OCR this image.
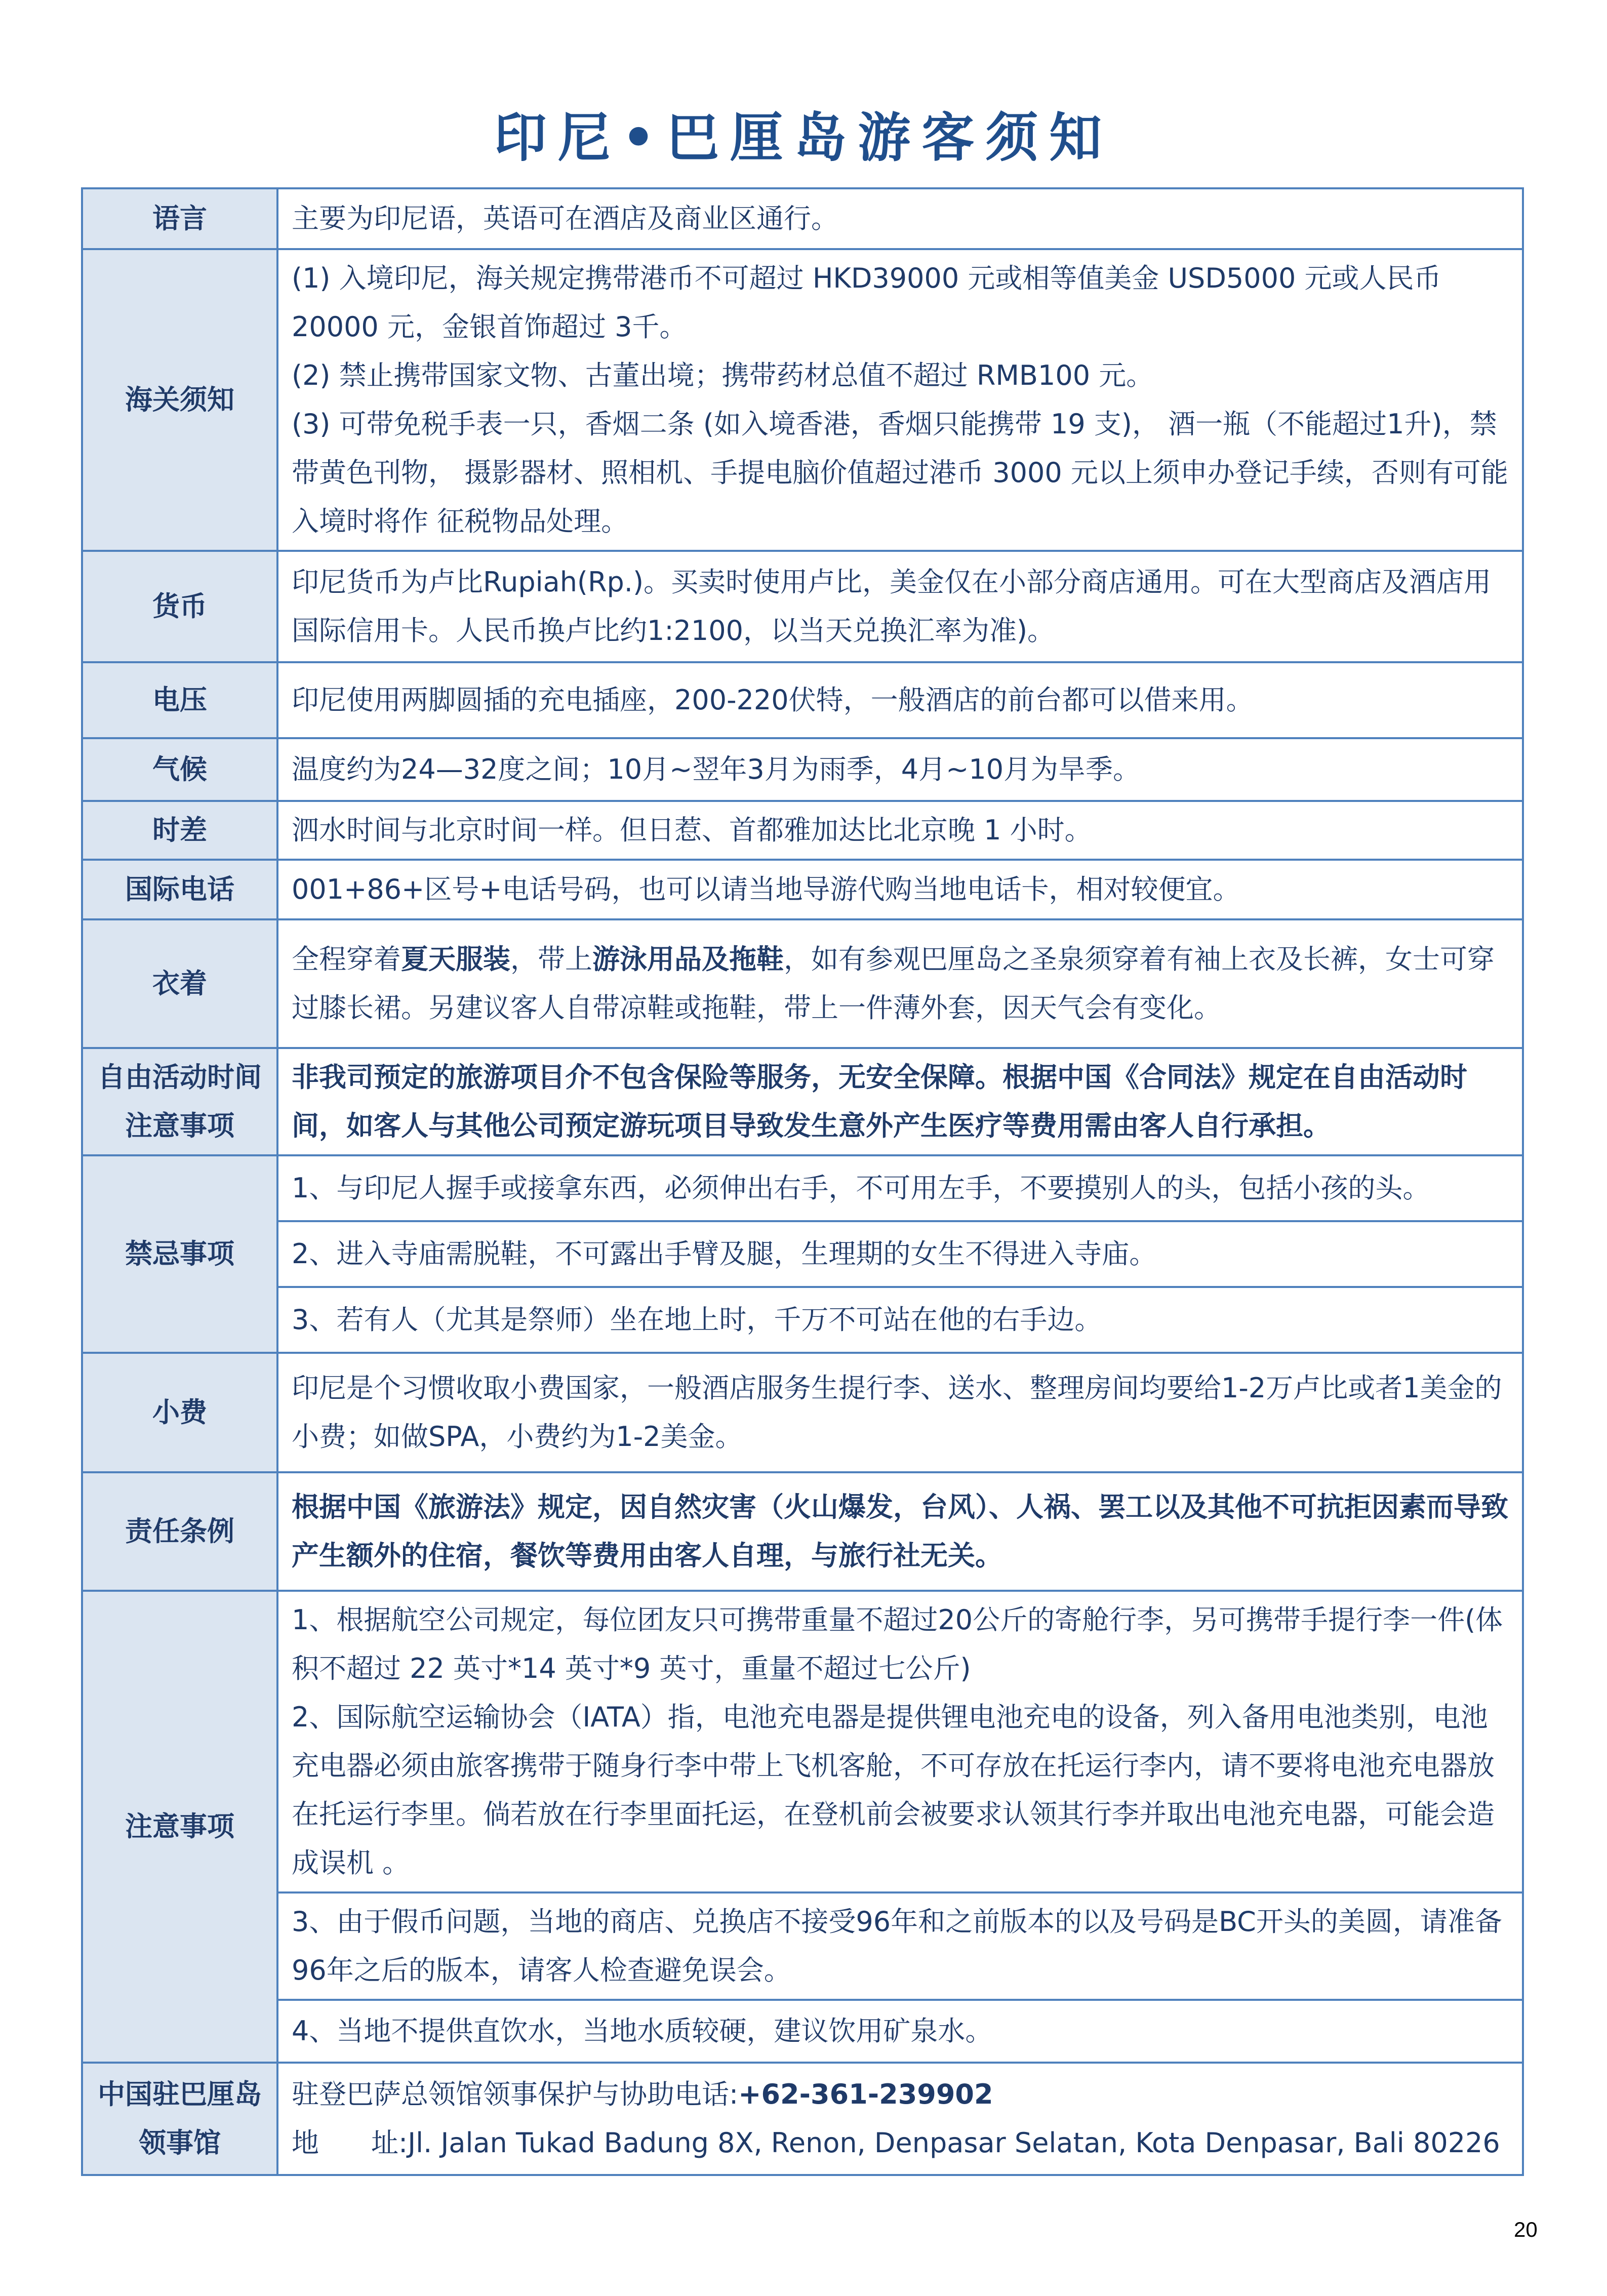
印尼•巴厘岛游客须知
语言	主要为印尼语，英语可在酒店及商业区通行。
海关须知	(1) 入境印尼，海关规定携带港币不可超过 HKD39000 元或相等值美金 USD5000 元或人民币 20000 元，金银首饰超过 3千。
(2) 禁止携带国家文物、古董出境；携带药材总值不超过 RMB100 元。
(3) 可带免税手表一只，香烟二条 (如入境香港，香烟只能携带 19 支)， 酒一瓶（不能超过1升)，禁带黄色刊物， 摄影器材、照相机、手提电脑价值超过港币 3000 元以上须申办登记手续，否则有可能入境时将作 征税物品处理。

货币	印尼货币为卢比Rupiah(Rp.)。买卖时使用卢比，美金仅在小部分商店通用。可在大型商店及酒店用国际信用卡。人民币换卢比约1:2100，以当天兑换汇率为准)。
电压	印尼使用两脚圆插的充电插座，200-220伏特，一般酒店的前台都可以借来用。
气候	温度约为24—32度之间；10月~翌年3月为雨季，4月~10月为旱季。
时差	泗水时间与北京时间一样。但日惹、首都雅加达比北京晚 1 小时。
国际电话	001+86+区号+电话号码，也可以请当地导游代购当地电话卡，相对较便宜。
衣着	全程穿着夏天服装，带上游泳用品及拖鞋，如有参观巴厘岛之圣泉须穿着有袖上衣及长裤，女士可穿过膝长裙。另建议客人自带凉鞋或拖鞋，带上一件薄外套，因天气会有变化。
自由活动时间注意事项	非我司预定的旅游项目介不包含保险等服务，无安全保障。根据中国《合同法》规定在自由活动时间，如客人与其他公司预定游玩项目导致发生意外产生医疗等费用需由客人自行承担。
禁忌事项	1、与印尼人握手或接拿东西，必须伸出右手，不可用左手，不要摸别人的头，包括小孩的头。
	2、进入寺庙需脱鞋，不可露出手臂及腿，生理期的女生不得进入寺庙。
	3、若有人（尤其是祭师）坐在地上时，千万不可站在他的右手边。
小费	印尼是个习惯收取小费国家，一般酒店服务生提行李、送水、整理房间均要给1-2万卢比或者1美金的小费；如做SPA，小费约为1-2美金。
责任条例	根据中国《旅游法》规定，因自然灾害（火山爆发，台风）、人祸、罢工以及其他不可抗拒因素而导致产生额外的住宿，餐饮等费用由客人自理，与旅行社无关。
注意事项	1、根据航空公司规定，每位团友只可携带重量不超过20公斤的寄舱行李，另可携带手提行李一件(体积不超过 22 英寸*14 英寸*9 英寸，重量不超过七公斤)
2、国际航空运输协会（IATA）指，电池充电器是提供锂电池充电的设备，列入备用电池类别，电池充电器必须由旅客携带于随身行李中带上飞机客舱，不可存放在托运行李内，请不要将电池充电器放在托运行李里。倘若放在行李里面托运，在登机前会被要求认领其行李并取出电池充电器，可能会造成误机 。

	3、由于假币问题，当地的商店、兑换店不接受96年和之前版本的以及号码是BC开头的美圆，请准备96年之后的版本，请客人检查避免误会。
	4、当地不提供直饮水，当地水质较硬，建议饮用矿泉水。
中国驻巴厘岛领事馆	驻登巴萨总领馆领事保护与协助电话:+62-361-239902
地      址:Jl. Jalan Tukad Badung 8X, Renon, Denpasar Selatan, Kota Denpasar, Bali 80226
20
